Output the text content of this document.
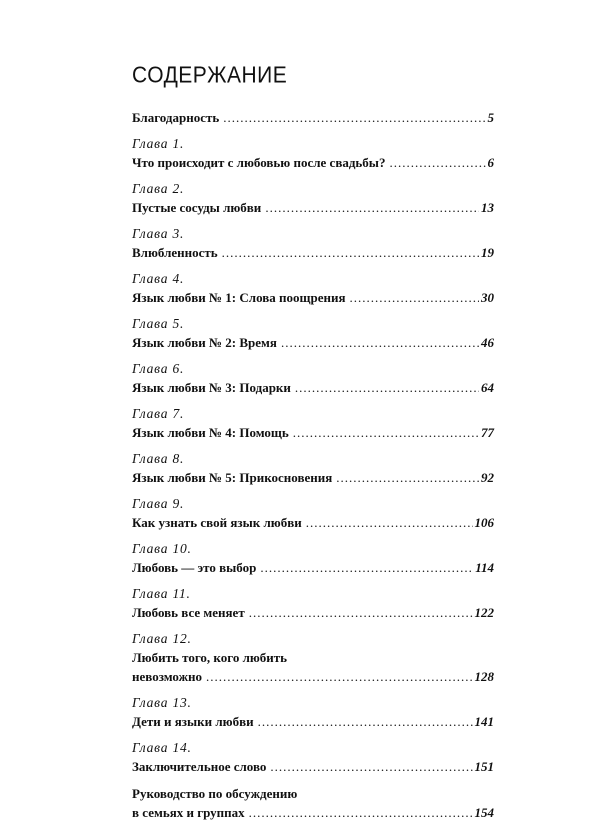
СОДЕРЖАНИЕ
Благодарность .....	5
Глава 1.
Что происходит с любовью после свадьбы? .....	6
Глава 2.
Пустые сосуды любви .....	13
Глава 3.
Влюбленность .....	19
Глава 4.
Язык любви № 1: Слова поощрения .....	30
Глава 5.
Язык любви № 2: Время .....	46
Глава 6.
Язык любви № 3: Подарки .....	64
Глава 7.
Язык любви № 4: Помощь .....	77
Глава 8.
Язык любви № 5: Прикосновения .....	92
Глава 9.
Как узнать свой язык любви .....	106
Глава 10.
Любовь — это выбор .....	114
Глава 11.
Любовь все меняет .....	122
Глава 12.
Любить того, кого любить
невозможно .....	128
Глава 13.
Дети и языки любви .....	141
Глава 14.
Заключительное слово .....	151
Руководство по обсуждению
в семьях и группах .....	154
